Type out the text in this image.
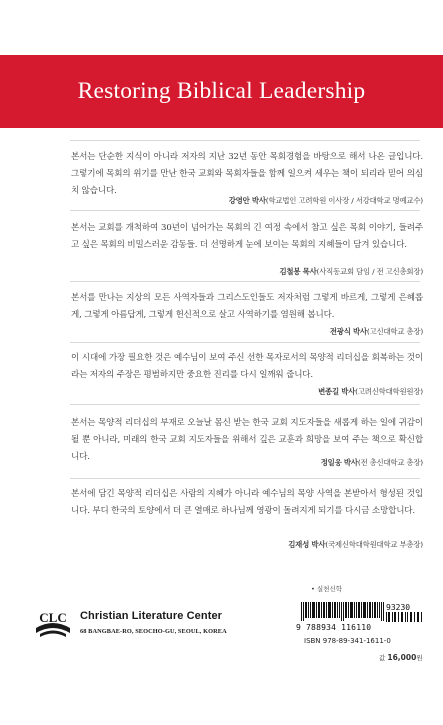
Restoring Biblical Leadership

본서는 단순한 지식이 아니라 저자의 지난 32년 동안 목회경험을 바탕으로 해서 나온 글입니다. 그렇기에 목회의 위기를 만난 한국 교회와 목회자들을 함께 일으켜 세우는 책이 되리라 믿어 의심치 않습니다.

강영안 박사(학교법인 고려학원 이사장 / 서강대학교 명예교수)

본서는 교회를 개척하여 30년이 넘어가는 목회의 긴 여정 속에서 참고 싶은 목회 이야기, 들려주고 싶은 목회의 비밀스러운 감동들. 더 선명하게 눈에 보이는 목회의 지혜들이 담겨 있습니다.

김철봉 목사(사직동교회 담임 / 전 고신총회장)

본서를 만나는 지상의 모든 사역자들과 그리스도인들도 저자처럼 그렇게 바르게, 그렇게 은혜롭게, 그렇게 아름답게, 그렇게 헌신적으로 살고 사역하기를 염원해 봅니다.

전광식 박사(고신대학교 총장)

이 시대에 가장 필요한 것은 예수님이 보여 주신 선한 목자로서의 목양적 리더십을 회복하는 것이라는 저자의 주장은 평범하지만 중요한 진리를 다시 일깨워 줍니다.

변종길 박사(고려신학대학원원장)

본서는 목양적 리더십의 부재로 오늘날 몸신 받는 한국 교회 지도자들을 새롭게 하는 일에 귀감이 될 뿐 아니라, 미래의 한국 교회 지도자들을 위해서 깊은 교훈과 희망을 보여 주는 책으로 확신합니다.

정일웅 박사(전 총신대학교 총장)

본서에 담긴 목양적 리더십은 사람의 지혜가 아니라 예수님의 목양 사역을 본받아서 형성된 것입니다. 부디 한국의 토양에서 더 큰 열매로 하나님께 영광이 돌려지게 되기를 다시금 소망합니다.

김재성 박사(국제신학대학원대학교 부총장)
• 실천신학
93230
9 788934 116110
ISBN 978-89-341-1611-0
값 16,000원
CLC Christian Literature Center
68 BANGBAE-RO, SEOCHO-GU, SEOUL, KOREA
